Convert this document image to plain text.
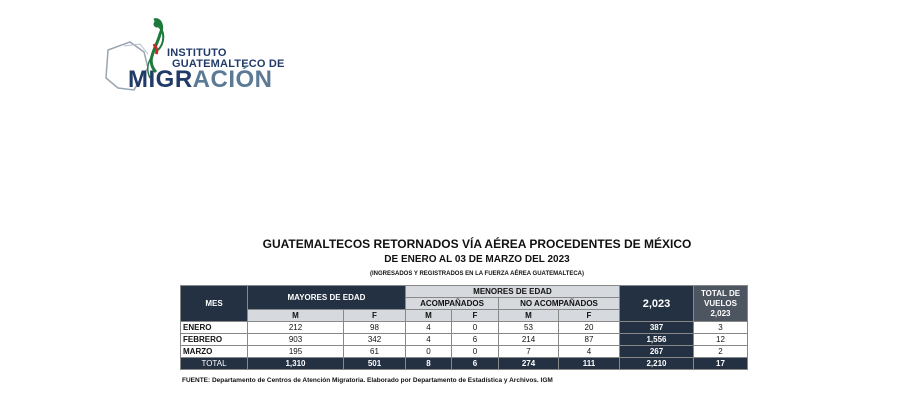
INSTITUTO
GUATEMALTECO DE
MIGRACIÓN
GUATEMALTECOS RETORNADOS VÍA AÉREA PROCEDENTES DE MÉXICO
DE ENERO AL 03 DE MARZO DEL 2023
(INGRESADOS Y REGISTRADOS EN LA FUERZA AÉREA GUATEMALTECA)
MES	MAYORES DE EDAD		MENORES DE EDAD				2,023	TOTAL DE VUELOS 2,023
			ACOMPAÑADOS		NO ACOMPAÑADOS			
	M	F	M	F	M	F		
ENERO	212	98	4	0	53	20	387	3
FEBRERO	903	342	4	6	214	87	1,556	12
MARZO	195	61	0	0	7	4	267	2
TOTAL	1,310	501	8	6	274	111	2,210	17
FUENTE: Departamento de Centros de Atención Migratoria. Elaborado por Departamento de Estadística y Archivos. IGM
